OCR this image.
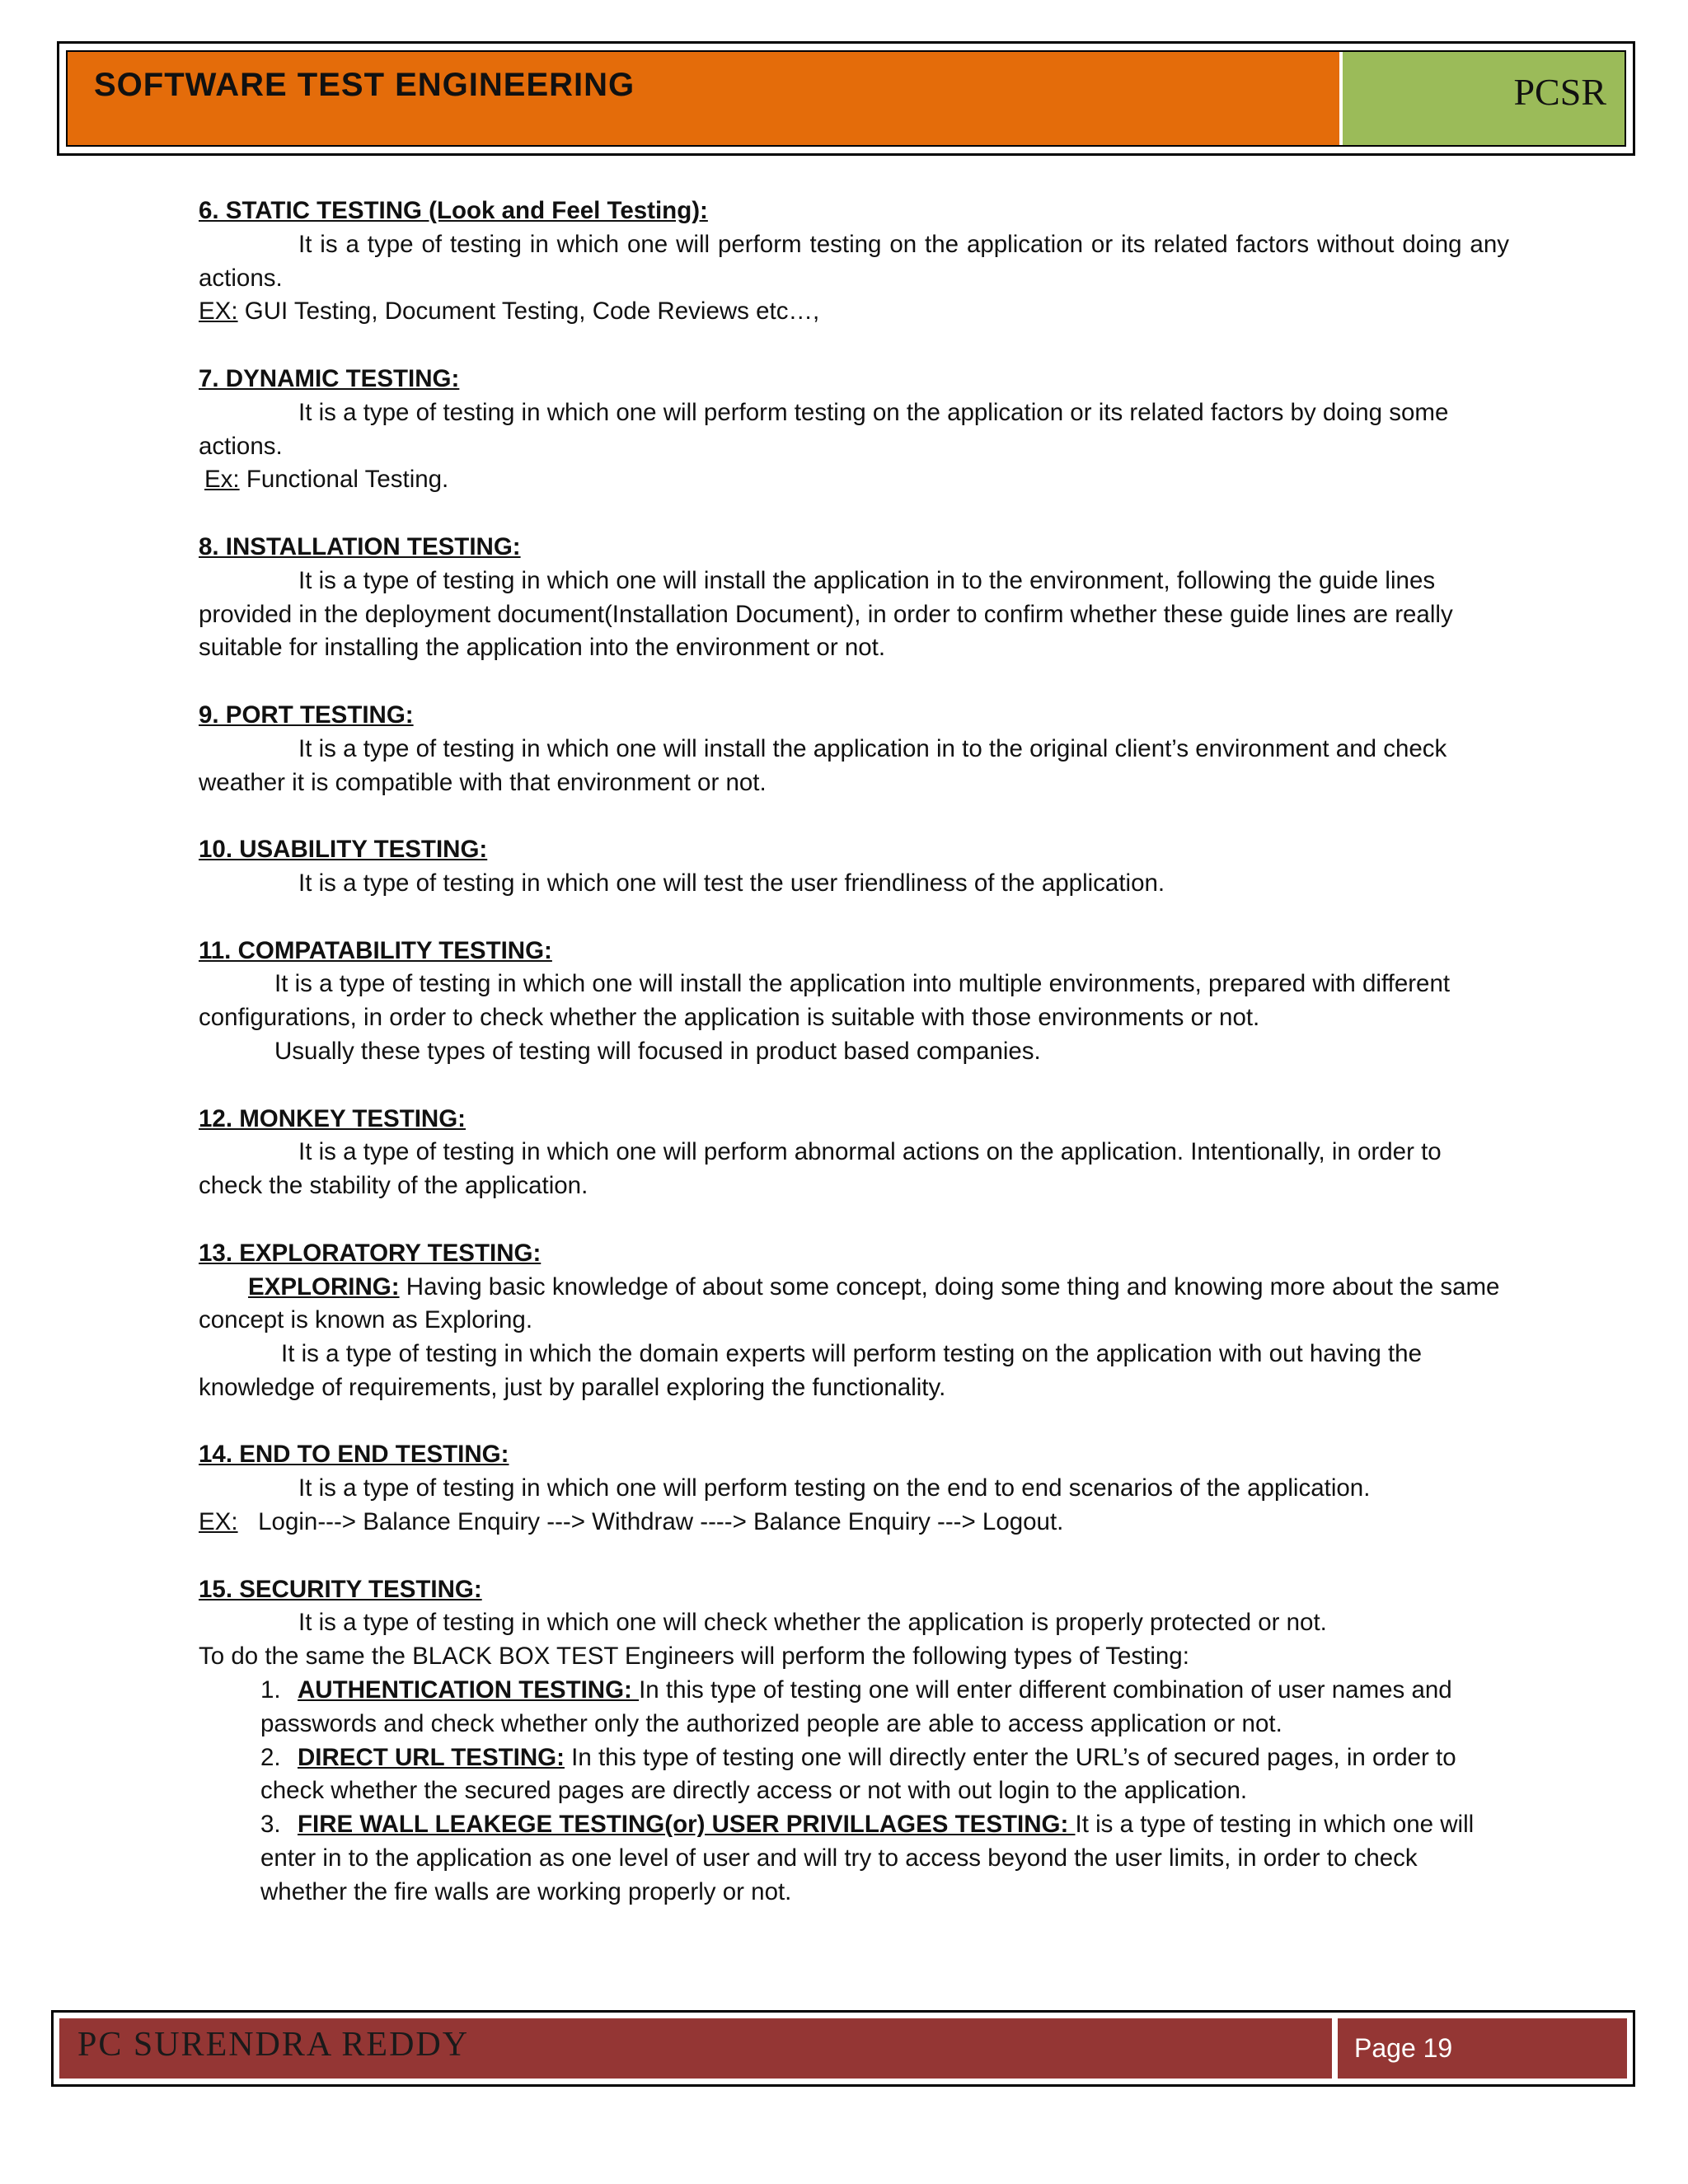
SOFTWARE TEST ENGINEERING	PCSR
6. STATIC TESTING (Look and Feel Testing):
It is a type of testing in which one will perform testing on the application or its related factors without doing any actions.
EX: GUI Testing, Document Testing, Code Reviews etc…,
7. DYNAMIC TESTING:
It is a type of testing in which one will perform testing on the application or its related factors by doing some actions.
Ex: Functional Testing.
8. INSTALLATION TESTING:
It is a type of testing in which one will install the application in to the environment, following the guide lines provided in the deployment document(Installation Document), in order to confirm whether these guide lines are really suitable for installing the application into the environment or not.
9. PORT TESTING:
It is a type of testing in which one will install the application in to the original client’s environment and check weather it is compatible with that environment or not.
10. USABILITY TESTING:
It is a type of testing in which one will test the user friendliness of the application.
11. COMPATABILITY TESTING:
It is a type of testing in which one will install the application into multiple environments, prepared with different configurations, in order to check whether the application is suitable with those environments or not.
Usually these types of testing will focused in product based companies.
12. MONKEY TESTING:
It is a type of testing in which one will perform abnormal actions on the application. Intentionally, in order to check the stability of the application.
13. EXPLORATORY TESTING:
EXPLORING: Having basic knowledge of about some concept, doing some thing and knowing more about the same concept is known as Exploring.
It is a type of testing in which the domain experts will perform testing on the application with out having the knowledge of requirements, just by parallel exploring the functionality.
14. END TO END TESTING:
It is a type of testing in which one will perform testing on the end to end scenarios of the application.
EX:   Login---> Balance Enquiry ---> Withdraw ----> Balance Enquiry ---> Logout.
15. SECURITY TESTING:
It is a type of testing in which one will check whether the application is properly protected or not.
To do the same the BLACK BOX TEST Engineers will perform the following types of Testing:
1. AUTHENTICATION TESTING: In this type of testing one will enter different combination of user names and passwords and check whether only the authorized people are able to access application or not.
2. DIRECT URL TESTING: In this type of testing one will directly enter the URL’s of secured pages, in order to check whether the secured pages are directly access or not with out login to the application.
3. FIRE WALL LEAKEGE TESTING(or) USER PRIVILLAGES TESTING: It is a type of testing in which one will enter in to the application as one level of user and will try to access beyond the user limits, in order to check whether the fire walls are working properly or not.
PC SURENDRA REDDY	Page 19
